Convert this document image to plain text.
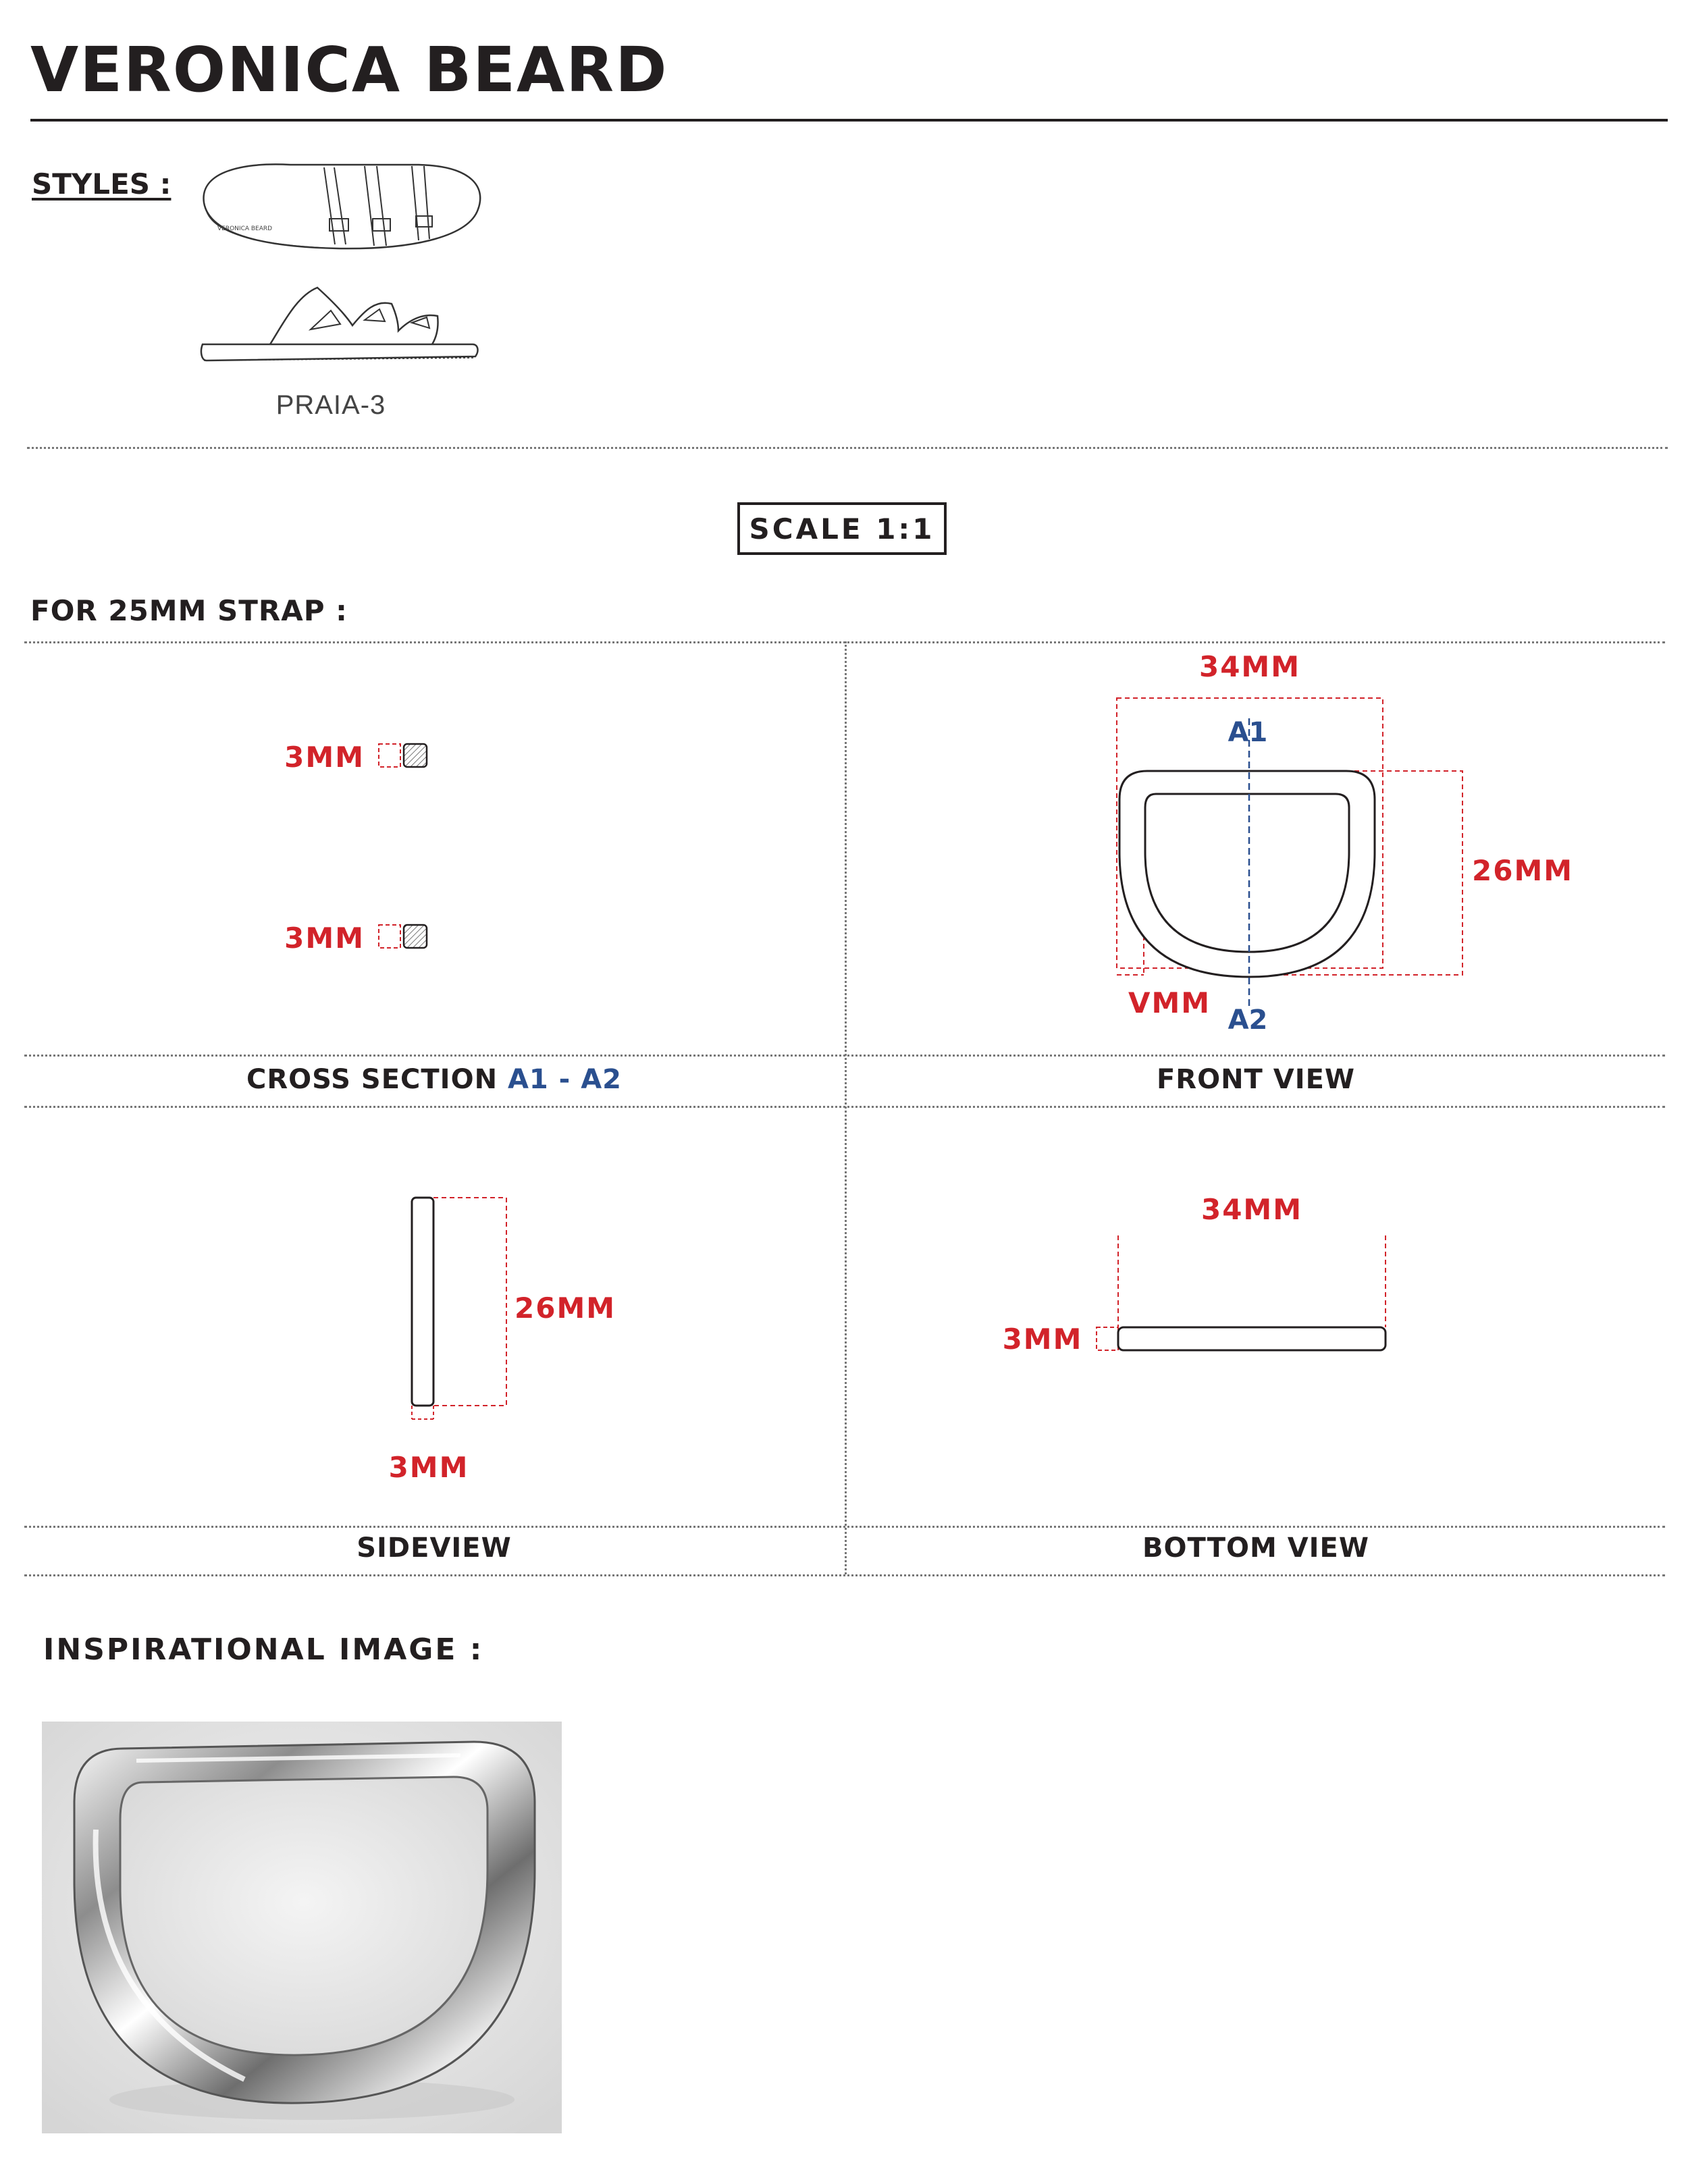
VERONICA BEARD
STYLES :
VERONICA BEARD
PRAIA-3
SCALE 1:1
FOR 25MM STRAP :
3MM
3MM
34MM
A1
A2
26MM
VMM
CROSS SECTION A1 - A2	FRONT VIEW
26MM
3MM
34MM
3MM
SIDEVIEW	BOTTOM VIEW
INSPIRATIONAL IMAGE :
